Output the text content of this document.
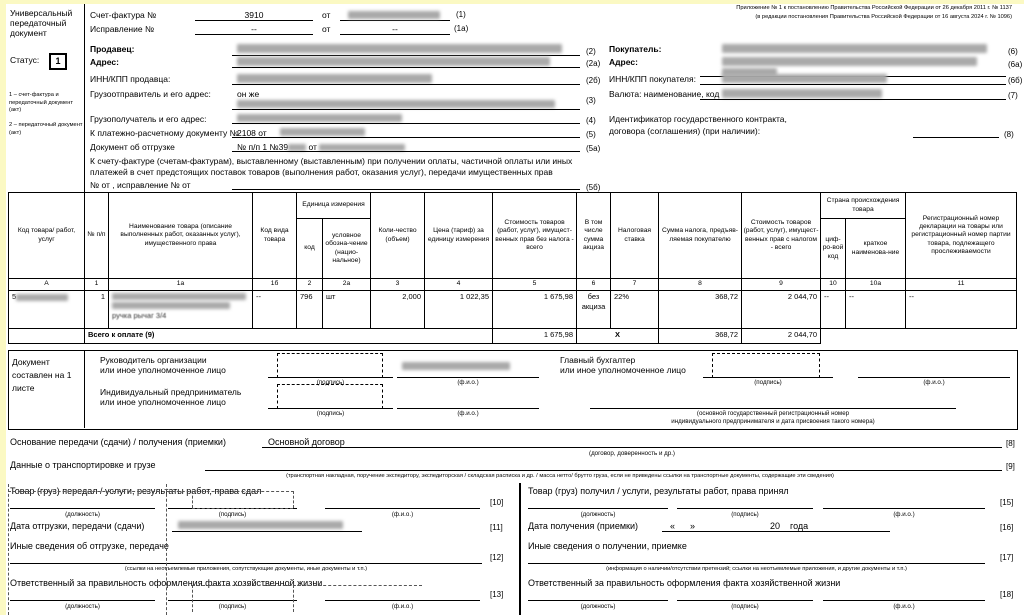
Универсальный передаточный документ
Статус:	1
1 – счет-фактура и передаточный документ (акт)
2 – передаточный документ (акт)
Приложение № 1 к постановлению Правительства Российской Федерации от 26 декабря 2011 г. № 1137
(в редакции постановления Правительства Российской Федерации от 16 августа 2024 г. № 1096)
Счет-фактура №	3910	от	(1)
Исправление №	--	от	--	(1а)
Продавец:	(2)
Адрес:	(2а)
ИНН/КПП продавца:	(2б)
Грузоотправитель и его адрес:	он же
(3)
Грузополучатель и его адрес:	(4)
К платежно-расчетному документу №
2108 от	(5)
Документ об отгрузке	№ п/п 1 №39 от	(5а)
К счету-фактуре (счетам-фактурам), выставленному (выставленным) при получении оплаты, частичной оплаты или иных
платежей в счет предстоящих поставок товаров (выполнения работ, оказания услуг), передачи имущественных прав
№ от , исправление № от	(5б)
Покупатель:	(6)
Адрес:	(6а)
ИНН/КПП покупателя:	(6б)
Валюта: наименование, код	(7)
Идентификатор государственного контракта,
договора (соглашения) (при наличии):	(8)
Код товара/ работ, услуг	№ п/п	Наименование товара (описание выполненных работ, оказанных услуг), имущественного права	Код вида товара	Единица измерения		Коли-чество (объем)	Цена (тариф) за единицу измерения	Стоимость товаров (работ, услуг), имущест-венных прав без налога - всего	В том числе сумма акциза	Налоговая ставка	Сумма налога, предъяв-ляемая покупателю	Стоимость товаров (работ, услуг), имущест-венных прав с налогом - всего	Страна происхождения товара		Регистрационный номер декларации на товары или регистрационный номер партии товара, подлежащего прослеживаемости
				код	условное обозна-чение (нацио-нальное)								циф-ро-вой код	краткое наименова-ние	
А	1	1а	1б	2	2а	3	4	5	6	7	8	9	10	10а	11
5	1	ручка рычаг 3/4	--	796	шт	2,000	1 022,35	1 675,98	без акциза	22%	368,72	2 044,70	--	--	--
	Всего к оплате (9)							1 675,98	X		368,72	2 044,70			
Документ составлен на 1 листе
Руководитель организации
или иное уполномоченное лицо
(подпись)	(ф.и.о.)
Главный бухгалтер
или иное уполномоченное лицо
(подпись)	(ф.и.о.)
Индивидуальный предприниматель
или иное уполномоченное лицо
(подпись)	(ф.и.о.)	(основной государственный регистрационный номер
индивидуального предпринимателя и дата присвоения такого номера)
Основание передачи (сдачи) / получения (приемки)	Основной договор
(договор, доверенность и др.)
[8]
Данные о транспортировке и грузе
(транспортная накладная, поручение экспедитору, экспедиторская / складская расписка и др. / масса нетто/ брутто груза, если не приведены ссылки на транспортные документы, содержащие эти сведения)
[9]
Товар (груз) передал / услуги, результаты работ, права сдал
[10]
(должность)	(подпись)	(ф.и.о.)
Дата отгрузки, передачи (сдачи)	[11]
Иные сведения об отгрузке, передаче
[12]
(ссылки на неотъемлемые приложения, сопутствующие документы, иные документы и т.п.)
Ответственный за правильность оформления факта хозяйственной жизни
[13]
(должность)	(подпись)	(ф.и.о.)
Товар (груз) получил / услуги, результаты работ, права принял
[15]
(должность)	(подпись)	(ф.и.о.)
Дата получения (приемки)	« »	20 года	[16]
Иные сведения о получении, приемке
[17]
(информация о наличии/отсутствии претензий; ссылки на неотъемлемые приложения, и другие документы и т.п.)
Ответственный за правильность оформления факта хозяйственной жизни
[18]
(должность)	(подпись)	(ф.и.о.)
